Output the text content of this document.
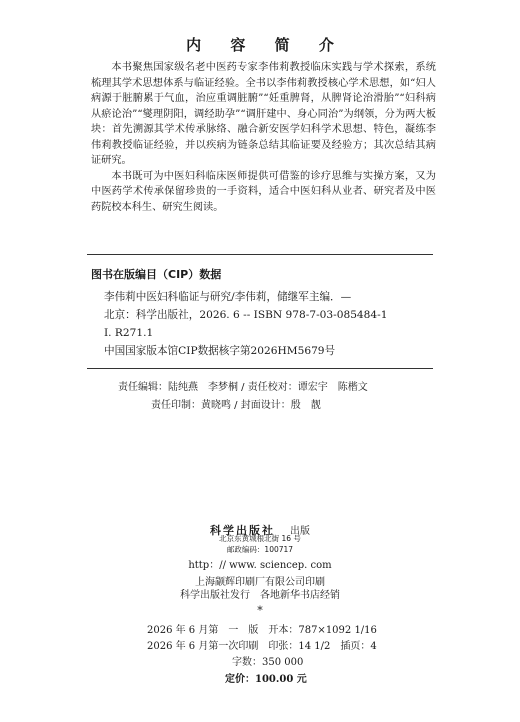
内 容 简 介

本书聚焦国家级名老中医药专家李伟莉教授临床实践与学术探索，系统梳理其学术思想体系与临证经验。全书以李伟莉教授核心学术思想，如“妇人病源于脏腑累于气血，治应重调脏腑”“妊重脾肾，从脾肾论治滑胎”“妇科病从瘀论治”“燮理阴阳，调经助孕”“调肝建中、身心同治”为纲领，分为两大板块：首先溯源其学术传承脉络、融合新安医学妇科学术思想、特色，凝练李伟莉教授临证经验，并以疾病为链条总结其临证要及经验方；其次总结其病证研究。

本书既可为中医妇科临床医师提供可借鉴的诊疗思维与实操方案，又为中医药学术传承保留珍贵的一手资料，适合中医妇科从业者、研究者及中医药院校本科生、研究生阅读。

图书在版编目（CIP）数据
李伟莉中医妇科临证与研究/李伟莉，储继军主编．—
北京：科学出版社，2026. 6 -- ISBN 978-7-03-085484-1
Ⅰ. R271.1
中国国家版本馆CIP数据核字第2026HM5679号
责任编辑：陆纯燕　李梦桐 / 责任校对：谭宏宇　陈楷文
责任印制：黄晓鸣 / 封面设计：殷　靓
科学出版社 出版
北京东黄城根北街 16 号
邮政编码：100717
http：// www. sciencep. com
上海颛辉印刷厂有限公司印刷
科学出版社发行　各地新华书店经销
*
2026 年 6 月第　一　版　开本：787×1092 1/16
2026 年 6 月第一次印刷　印张：14 1/2　插页：4
字数：350 000
定价：100.00 元
